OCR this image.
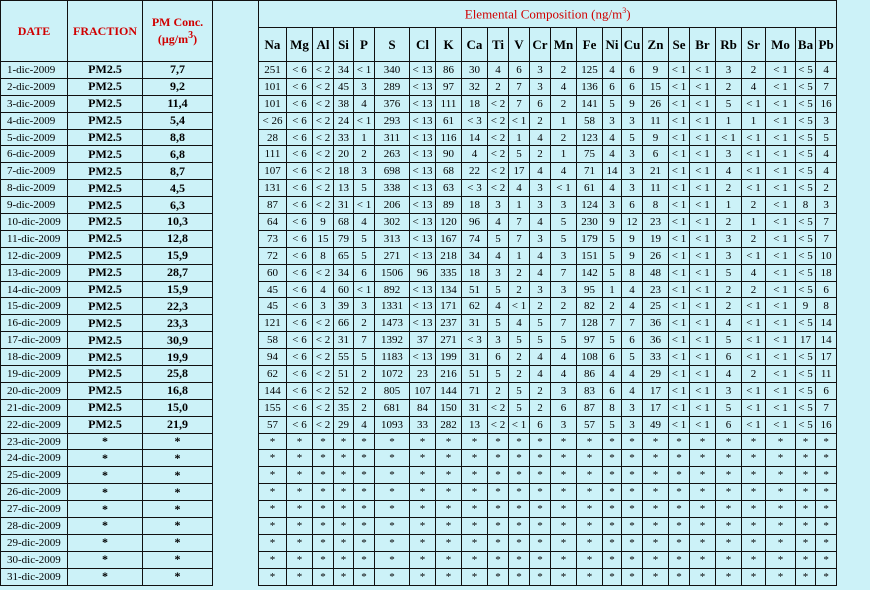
DATE	FRACTION	PM Conc.
$(\mu g/m^3)$		Elemental Composition $(ng/m^3)$																							
				Na	Mg	Al	Si	P	S	Cl	K	Ca	Ti	V	Cr	Mn	Fe	Ni	Cu	Zn	Se	Br	Rb	Sr	Mo	Ba	Pb
1-dic-2009	PM2.5	7,7		251	< 6	< 2	34	< 1	340	< 13	86	30	4	6	3	2	125	4	6	9	< 1	< 1	3	2	< 1	< 5	4
2-dic-2009	PM2.5	9,2		101	< 6	< 2	45	3	289	< 13	97	32	2	7	3	4	136	6	6	15	< 1	< 1	2	4	< 1	< 5	7
3-dic-2009	PM2.5	11,4		101	< 6	< 2	38	4	376	< 13	111	18	< 2	7	6	2	141	5	9	26	< 1	< 1	5	< 1	< 1	< 5	16
4-dic-2009	PM2.5	5,4		< 26	< 6	< 2	24	< 1	293	< 13	61	< 3	< 2	< 1	2	1	58	3	3	11	< 1	< 1	1	1	< 1	< 5	3
5-dic-2009	PM2.5	8,8		28	< 6	< 2	33	1	311	< 13	116	14	< 2	1	4	2	123	4	5	9	< 1	< 1	< 1	< 1	< 1	< 5	5
6-dic-2009	PM2.5	6,8		111	< 6	< 2	20	2	263	< 13	90	4	< 2	5	2	1	75	4	3	6	< 1	< 1	3	< 1	< 1	< 5	4
7-dic-2009	PM2.5	8,7		107	< 6	< 2	18	3	698	< 13	68	22	< 2	17	4	4	71	14	3	21	< 1	< 1	4	< 1	< 1	< 5	4
8-dic-2009	PM2.5	4,5		131	< 6	< 2	13	5	338	< 13	63	< 3	< 2	4	3	< 1	61	4	3	11	< 1	< 1	2	< 1	< 1	< 5	2
9-dic-2009	PM2.5	6,3		87	< 6	< 2	31	< 1	206	< 13	89	18	3	1	3	3	124	3	6	8	< 1	< 1	1	2	< 1	8	3
10-dic-2009	PM2.5	10,3		64	< 6	9	68	4	302	< 13	120	96	4	7	4	5	230	9	12	23	< 1	< 1	2	1	< 1	< 5	7
11-dic-2009	PM2.5	12,8		73	< 6	15	79	5	313	< 13	167	74	5	7	3	5	179	5	9	19	< 1	< 1	3	2	< 1	< 5	7
12-dic-2009	PM2.5	15,9		72	< 6	8	65	5	271	< 13	218	34	4	1	4	3	151	5	9	26	< 1	< 1	3	< 1	< 1	< 5	10
13-dic-2009	PM2.5	28,7		60	< 6	< 2	34	6	1506	96	335	18	3	2	4	7	142	5	8	48	< 1	< 1	5	4	< 1	< 5	18
14-dic-2009	PM2.5	15,9		45	< 6	4	60	< 1	892	< 13	134	51	5	2	3	3	95	1	4	23	< 1	< 1	2	2	< 1	< 5	6
15-dic-2009	PM2.5	22,3		45	< 6	3	39	3	1331	< 13	171	62	4	< 1	2	2	82	2	4	25	< 1	< 1	2	< 1	< 1	9	8
16-dic-2009	PM2.5	23,3		121	< 6	< 2	66	2	1473	< 13	237	31	5	4	5	7	128	7	7	36	< 1	< 1	4	< 1	< 1	< 5	14
17-dic-2009	PM2.5	30,9		58	< 6	< 2	31	7	1392	37	271	< 3	3	5	5	5	97	5	6	36	< 1	< 1	5	< 1	< 1	17	14
18-dic-2009	PM2.5	19,9		94	< 6	< 2	55	5	1183	< 13	199	31	6	2	4	4	108	6	5	33	< 1	< 1	6	< 1	< 1	< 5	17
19-dic-2009	PM2.5	25,8		62	< 6	< 2	51	2	1072	23	216	51	5	2	4	4	86	4	4	29	< 1	< 1	4	2	< 1	< 5	11
20-dic-2009	PM2.5	16,8		144	< 6	< 2	52	2	805	107	144	71	2	5	2	3	83	6	4	17	< 1	< 1	3	< 1	< 1	< 5	6
21-dic-2009	PM2.5	15,0		155	< 6	< 2	35	2	681	84	150	31	< 2	5	2	6	87	8	3	17	< 1	< 1	5	< 1	< 1	< 5	7
22-dic-2009	PM2.5	21,9		57	< 6	< 2	29	4	1093	33	282	13	< 2	< 1	6	3	57	5	3	49	< 1	< 1	6	< 1	< 1	< 5	16
23-dic-2009	*	*		*	*	*	*	*	*	*	*	*	*	*	*	*	*	*	*	*	*	*	*	*	*	*	*
24-dic-2009	*	*		*	*	*	*	*	*	*	*	*	*	*	*	*	*	*	*	*	*	*	*	*	*	*	*
25-dic-2009	*	*		*	*	*	*	*	*	*	*	*	*	*	*	*	*	*	*	*	*	*	*	*	*	*	*
26-dic-2009	*	*		*	*	*	*	*	*	*	*	*	*	*	*	*	*	*	*	*	*	*	*	*	*	*	*
27-dic-2009	*	*		*	*	*	*	*	*	*	*	*	*	*	*	*	*	*	*	*	*	*	*	*	*	*	*
28-dic-2009	*	*		*	*	*	*	*	*	*	*	*	*	*	*	*	*	*	*	*	*	*	*	*	*	*	*
29-dic-2009	*	*		*	*	*	*	*	*	*	*	*	*	*	*	*	*	*	*	*	*	*	*	*	*	*	*
30-dic-2009	*	*		*	*	*	*	*	*	*	*	*	*	*	*	*	*	*	*	*	*	*	*	*	*	*	*
31-dic-2009	*	*		*	*	*	*	*	*	*	*	*	*	*	*	*	*	*	*	*	*	*	*	*	*	*	*
